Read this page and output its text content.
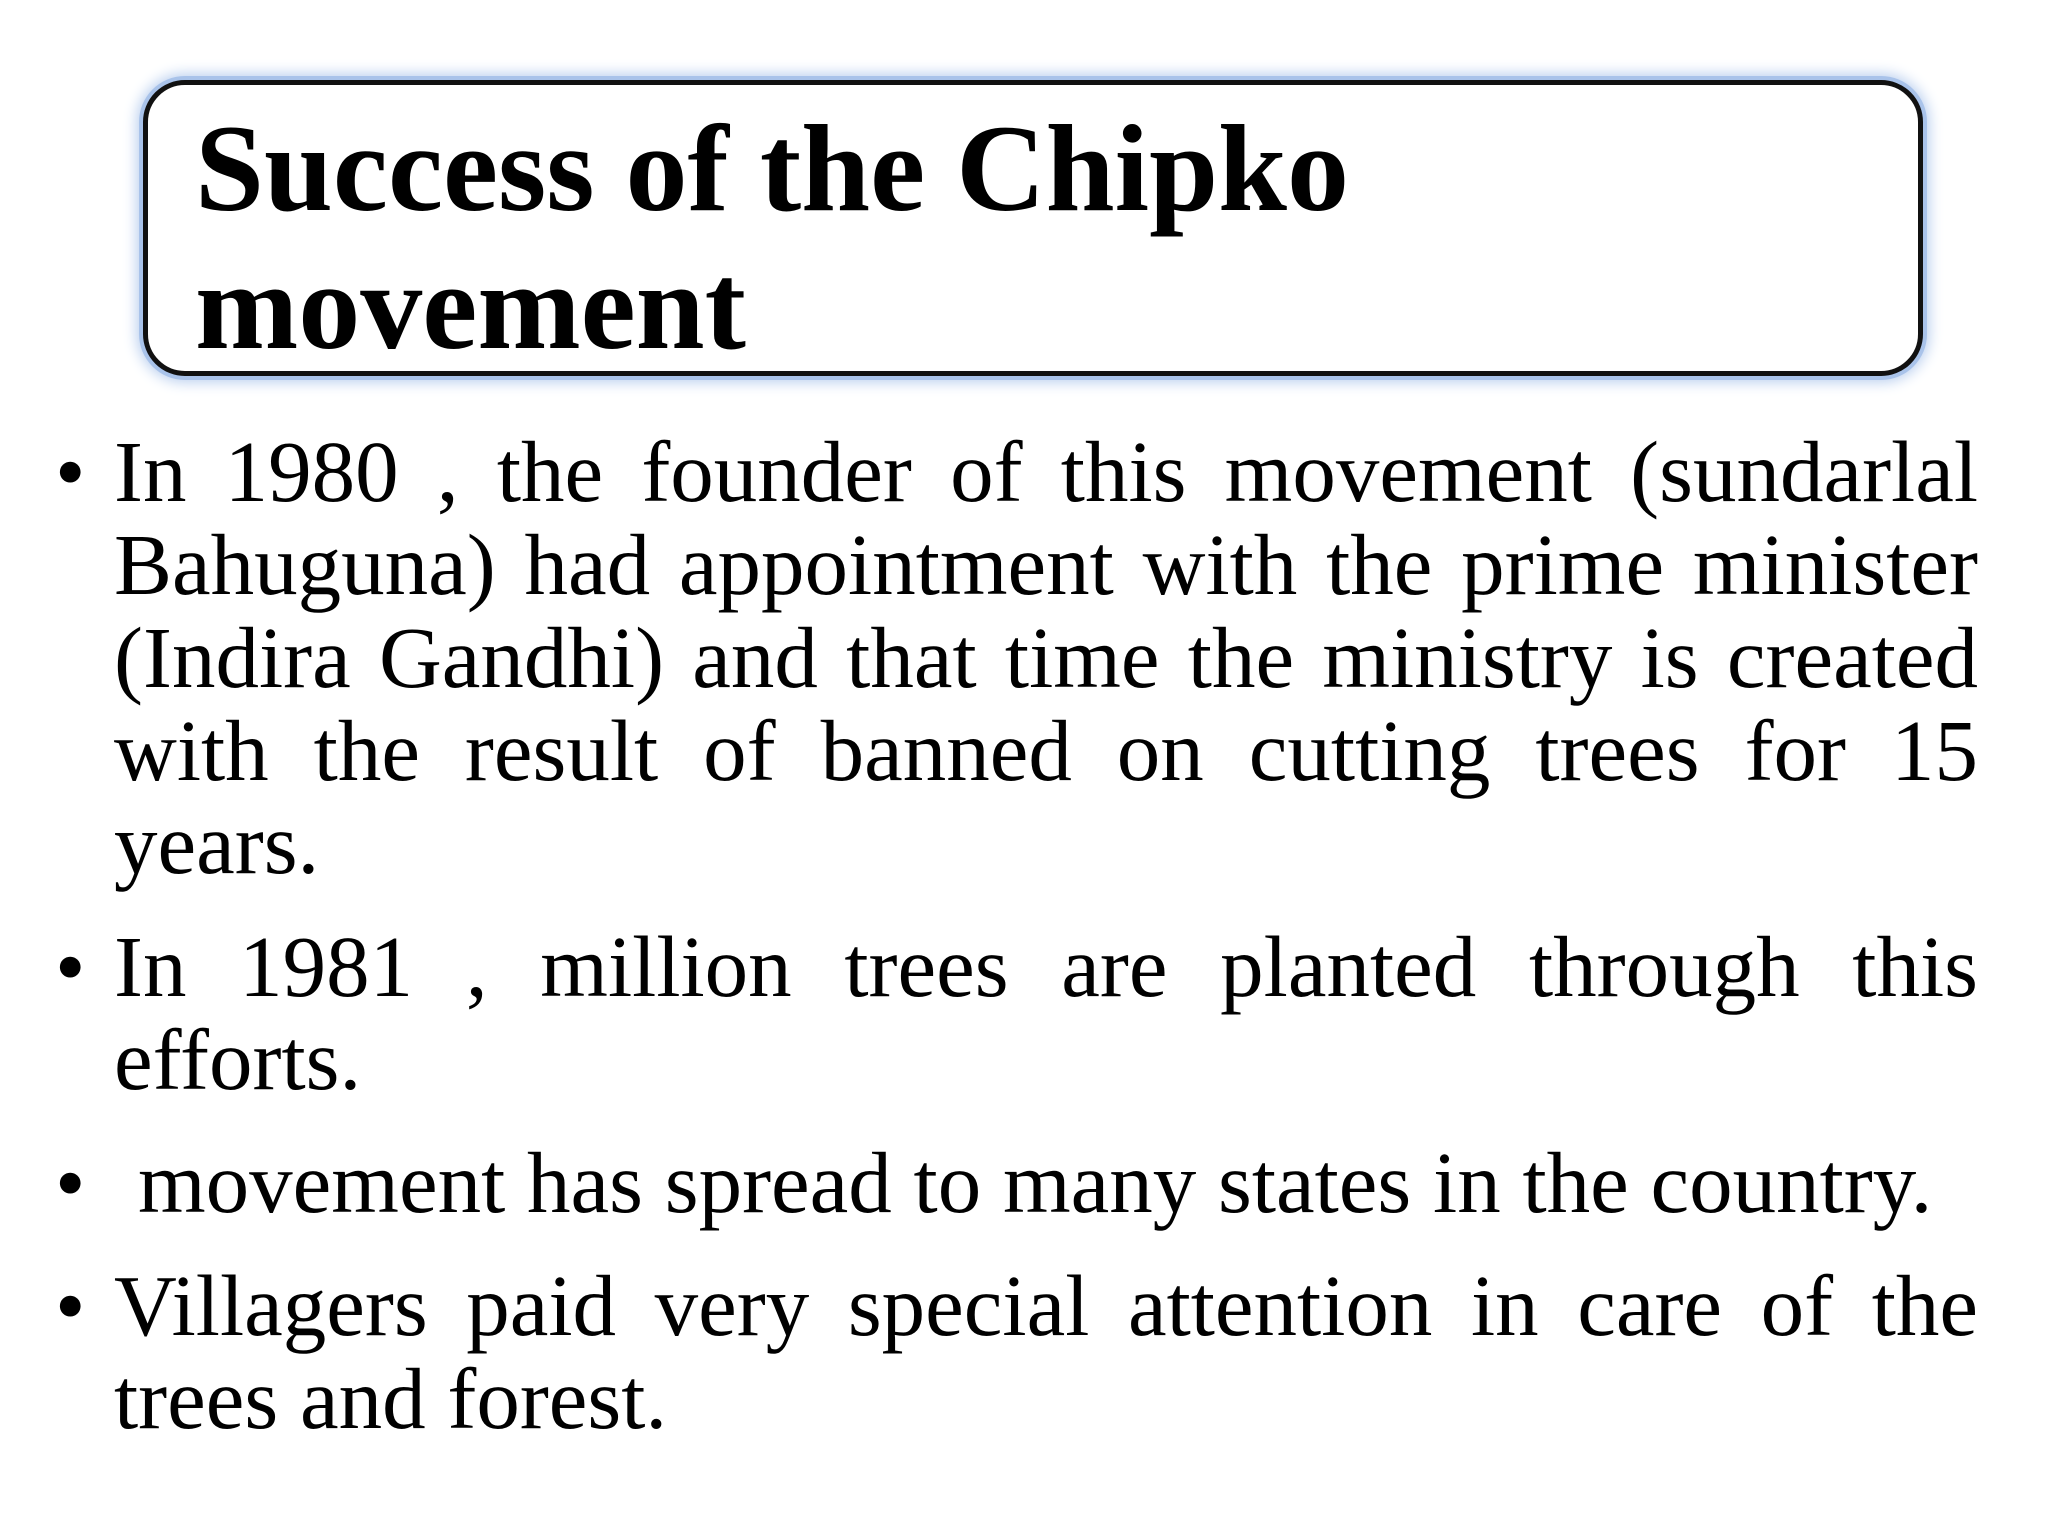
Success of the Chipko movement
• In 1980 , the founder of this movement (sundarlal Bahuguna) had appointment with the prime minister (Indira Gandhi) and that time the ministry is created with the result of banned on cutting trees for 15 years.
• In 1981 , million trees are planted through this efforts.
• movement has spread to many states in the country.
• Villagers paid very special attention in care of the trees and forest.
